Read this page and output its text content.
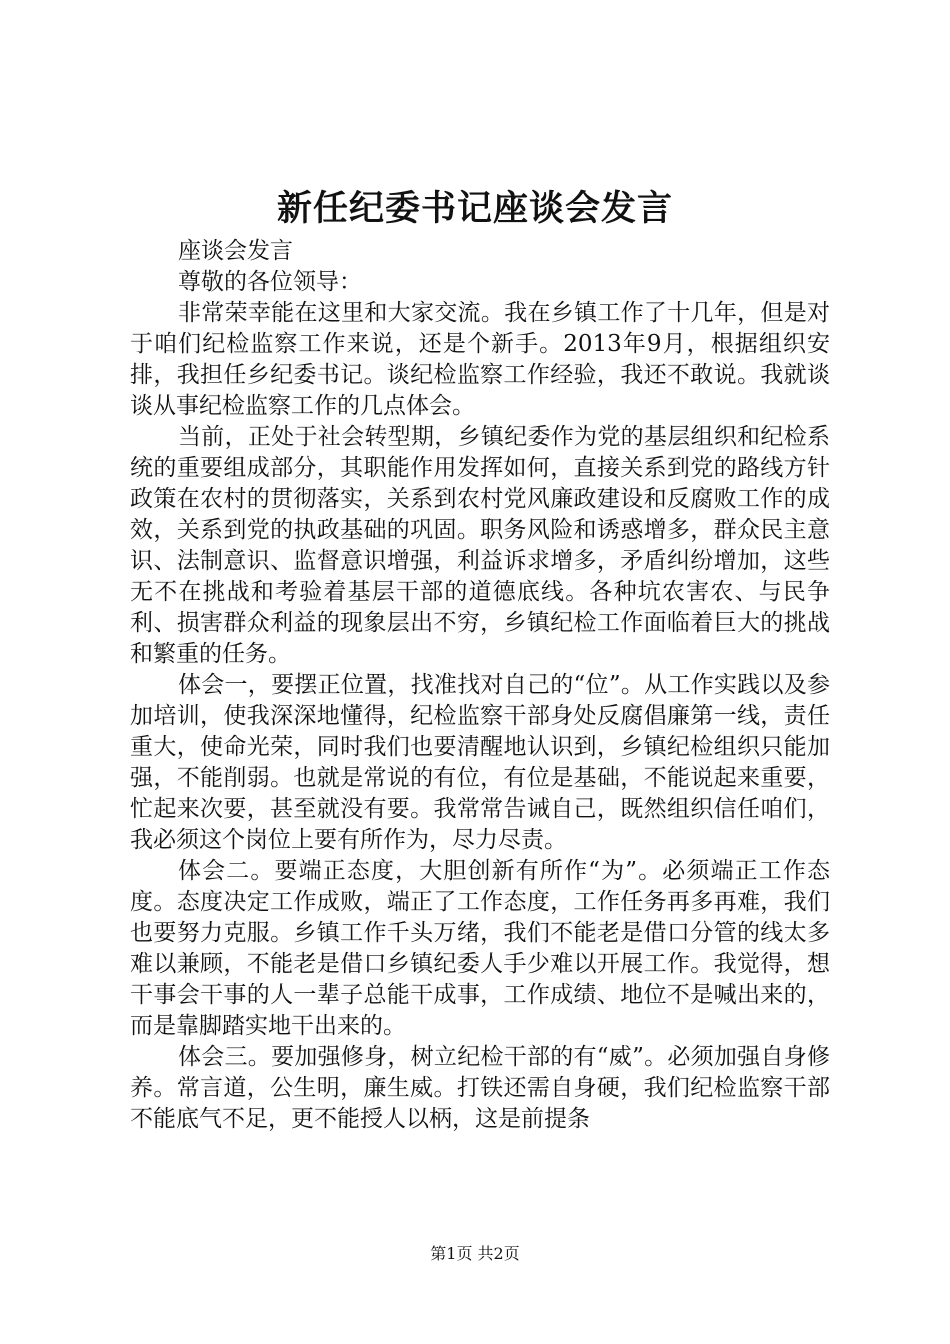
新任纪委书记座谈会发言

座谈会发言

尊敬的各位领导：

非常荣幸能在这里和大家交流。我在乡镇工作了十几年，但是对于咱们纪检监察工作来说，还是个新手。2013年9月，根据组织安排，我担任乡纪委书记。谈纪检监察工作经验，我还不敢说。我就谈谈从事纪检监察工作的几点体会。

当前，正处于社会转型期，乡镇纪委作为党的基层组织和纪检系统的重要组成部分，其职能作用发挥如何，直接关系到党的路线方针政策在农村的贯彻落实，关系到农村党风廉政建设和反腐败工作的成效，关系到党的执政基础的巩固。职务风险和诱惑增多，群众民主意识、法制意识、监督意识增强，利益诉求增多，矛盾纠纷增加，这些无不在挑战和考验着基层干部的道德底线。各种坑农害农、与民争利、损害群众利益的现象层出不穷，乡镇纪检工作面临着巨大的挑战和繁重的任务。

体会一，要摆正位置，找准找对自己的“位”。从工作实践以及参加培训，使我深深地懂得，纪检监察干部身处反腐倡廉第一线，责任重大，使命光荣，同时我们也要清醒地认识到，乡镇纪检组织只能加强，不能削弱。也就是常说的有位，有位是基础，不能说起来重要，忙起来次要，甚至就没有要。我常常告诫自己，既然组织信任咱们，我必须这个岗位上要有所作为，尽力尽责。

体会二。要端正态度，大胆创新有所作“为”。必须端正工作态度。态度决定工作成败，端正了工作态度，工作任务再多再难，我们也要努力克服。乡镇工作千头万绪，我们不能老是借口分管的线太多难以兼顾，不能老是借口乡镇纪委人手少难以开展工作。我觉得，想干事会干事的人一辈子总能干成事，工作成绩、地位不是喊出来的，而是靠脚踏实地干出来的。

体会三。要加强修身，树立纪检干部的有“威”。必须加强自身修养。常言道，公生明，廉生威。打铁还需自身硬，我们纪检监察干部不能底气不足，更不能授人以柄，这是前提条

第1页 共2页
